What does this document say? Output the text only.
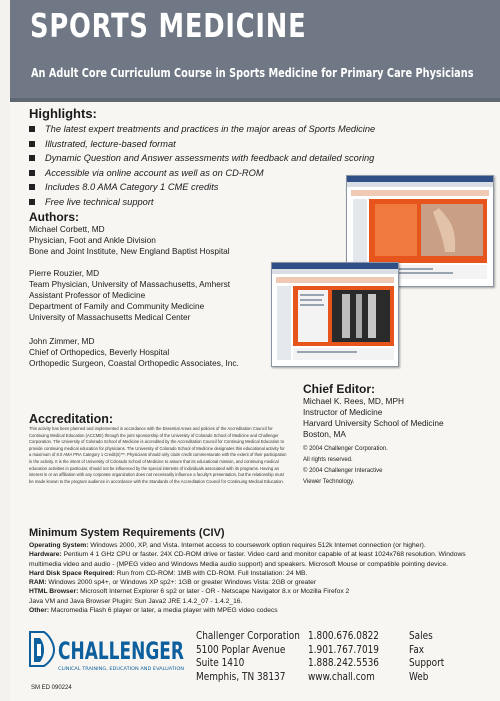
SPORTS MEDICINE

An Adult Core Curriculum Course in Sports Medicine for Primary Care Physicians

Highlights:
The latest expert treatments and practices in the major areas of Sports Medicine
Illustrated, lecture-based format
Dynamic Question and Answer assessments with feedback and detailed scoring
Accessible via online account as well as on CD-ROM
Includes 8.0 AMA Category 1 CME credits
Free live technical support
Authors:
Michael Corbett, MD
Physician, Foot and Ankle Division
Bone and Joint Institute, New England Baptist Hospital
Pierre Rouzier, MD
Team Physician, University of Massachusetts, Amherst
Assistant Professor of Medicine
Department of Family and Community Medicine
University of Massachusetts Medical Center
John Zimmer, MD
Chief of Orthopedics, Beverly Hospital
Orthopedic Surgeon, Coastal Orthopedic Associates, Inc.
Chief Editor:
Michael K. Rees, MD, MPH
Instructor of Medicine
Harvard University School of Medicine
Boston, MA
© 2004 Challenger Corporation.
All rights reserved.
© 2004 Challenger Interactive
Viewer Technology.
Accreditation:

This activity has been planned and implemented in accordance with the Essential Areas and policies of the Accreditation Council for Continuing Medical Education (ACCME) through the joint sponsorship of the University of Colorado School of Medicine and Challenger Corporation. The University of Colorado School of Medicine is accredited by the Accreditation Council for Continuing Medical Education to provide continuing medical education for physicians. The University of Colorado School of Medicine designates this educational activity for a maximum of 8.0 AMA PRA Category 1 Credit(s)™. Physicians should only claim credit commensurate with the extent of their participation in the activity. It is the intent of University of Colorado School of Medicine to assure that its educational mission, and continuing medical education activities in particular, should not be influenced by the special interests of individuals associated with its programs. Having an interest in or an affiliation with any corporate organization does not necessarily influence a faculty's presentation, but the relationship must be made known to the program audience in accordance with the Standards of the Accreditation Council for Continuing Medical Education.

Minimum System Requirements (CIV)

Operating System: Windows 2000, XP, and Vista. Internet access to coursework option requires 512k Internet connection (or higher).

Hardware: Pentium 4 1 GHz CPU or faster. 24X CD-ROM drive or faster. Video card and monitor capable of at least 1024x768 resolution. Windows multimedia video and audio - (MPEG video and Windows Media audio support) and speakers. Microsoft Mouse or compatible pointing device.

Hard Disk Space Required: Run from CD-ROM: 1MB with CD-ROM. Full Installation: 24 MB.

RAM: Windows 2000 sp4+, or Windows XP sp2+: 1GB or greater Windows Vista: 2GB or greater

HTML Browser: Microsoft Internet Explorer 6 sp2 or later - OR - Netscape Navigator 8.x or Mozilla Firefox 2

Java VM and Java Browser Plugin: Sun Java2 JRE 1.4.2_07 - 1.4.2_16.

Other: Macromedia Flash 6 player or later, a media player with MPEG video codecs

CHALLENGER
CLINICAL TRAINING, EDUCATION AND EVALUATION
SM ED 090224
Challenger Corporation
5100 Poplar Avenue
Suite 1410
Memphis, TN 38137
1.800.676.0822
1.901.767.7019
1.888.242.5536
www.chall.com
Sales
Fax
Support
Web
